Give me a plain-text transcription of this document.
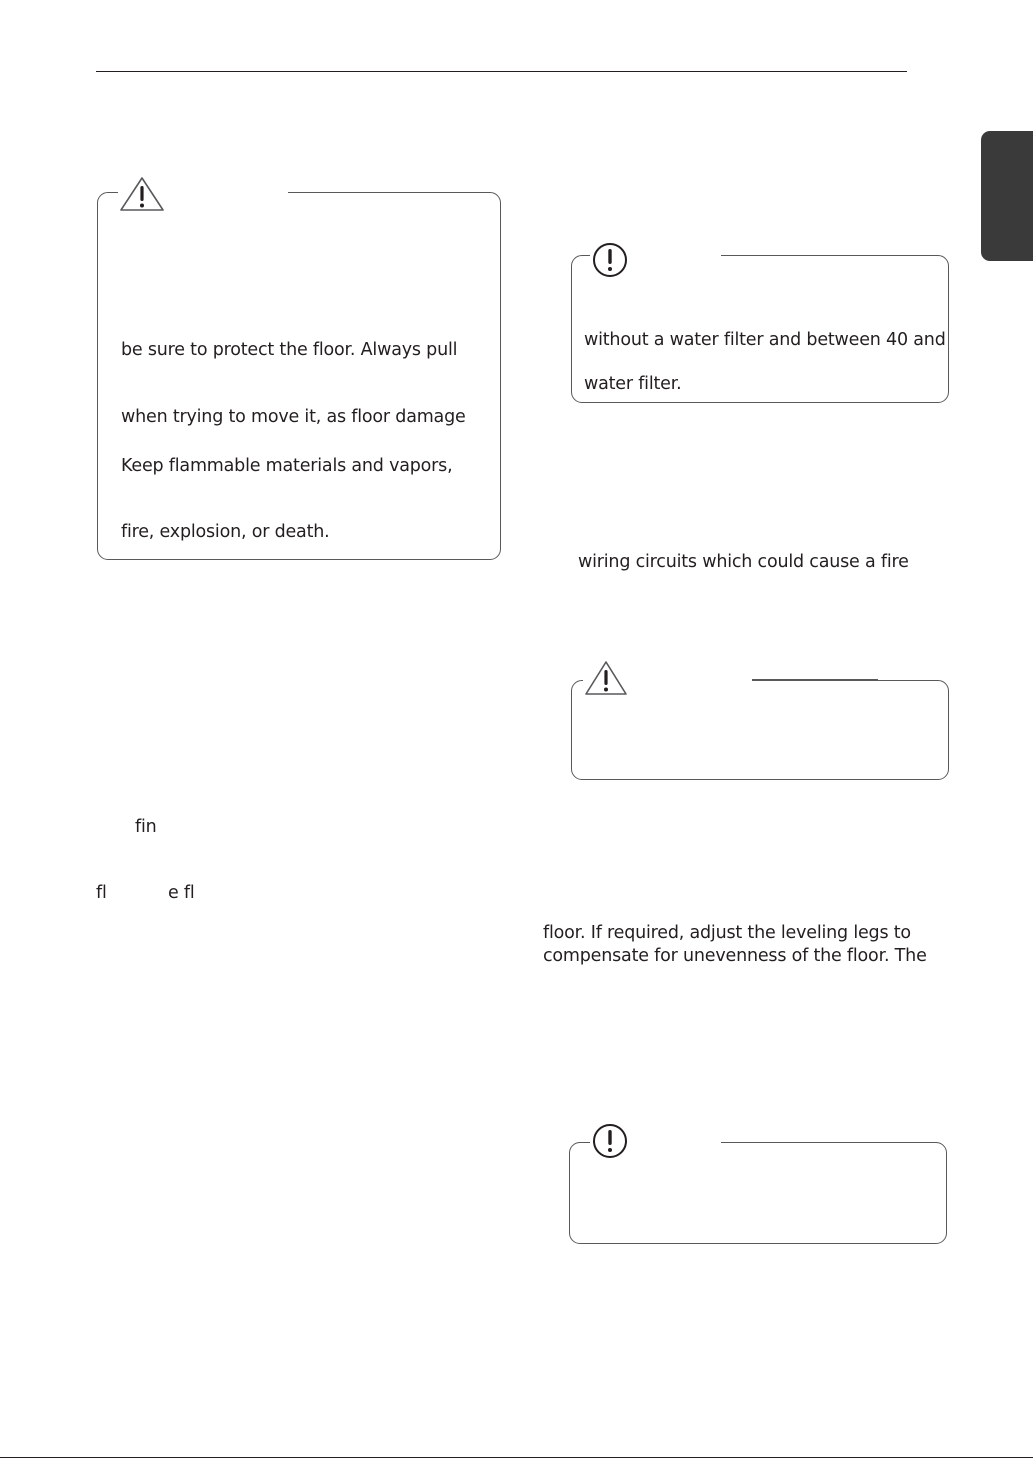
be sure to protect the floor. Always pull
when trying to move it, as floor damage
Keep flammable materials and vapors,
fire, explosion, or death.
without a water filter and between 40 and
water filter.
wiring circuits which could cause a fire
fin
fl	e fl
floor. If required, adjust the leveling legs to
compensate for unevenness of the floor. The
